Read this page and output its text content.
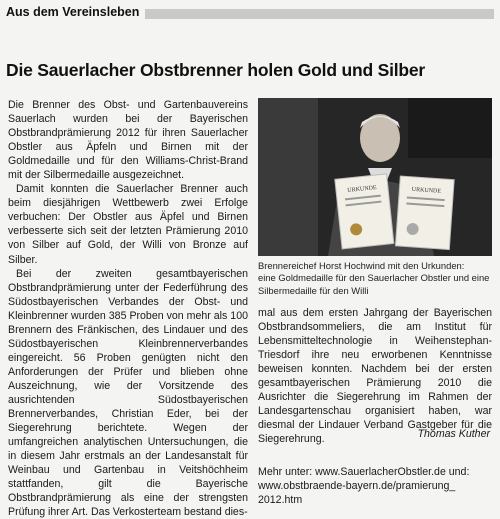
Aus dem Vereinsleben
Die Sauerlacher Obstbrenner holen Gold und Silber

Die Brenner des Obst- und Gartenbauvereins Sauerlach wurden bei der Bayerischen Obstbrandprämierung 2012 für ihren Sauerlacher Obstler aus Äpfeln und Birnen mit der Goldmedaille und für den Williams-Christ-Brand mit der Silbermedaille ausgezeichnet.

Damit konnten die Sauerlacher Brenner auch beim diesjährigen Wettbewerb zwei Erfolge verbuchen: Der Obstler aus Äpfel und Birnen verbesserte sich seit der letzten Prämierung 2010 von Silber auf Gold, der Willi von Bronze auf Silber.

Bei der zweiten gesamtbayerischen Obstbrandprämierung unter der Federführung des Südostbayerischen Verbandes der Obst- und Kleinbrenner wurden 385 Proben von mehr als 100 Brennern des Fränkischen, des Lindauer und des Südostbayerischen Kleinbrennerverbandes eingereicht. 56 Proben genügten nicht den Anforderungen der Prüfer und blieben ohne Auszeichnung, wie der Vorsitzende des ausrichtenden Südostbayerischen Brennerverbandes, Christian Eder, bei der Siegerehrung berichtete. Wegen der umfangreichen analytischen Untersuchungen, die in diesem Jahr erstmals an der Landesanstalt für Weinbau und Gartenbau in Veitshöchheim stattfanden, gilt die Bayerische Obstbrandprämierung als eine der strengsten Prüfung ihrer Art. Das Verkosterteam bestand dies-

URKUNDE	URKUNDE
Brennereichef Horst Hochwind mit den Urkunden:
eine Goldmedaille für den Sauerlacher Obstler und eine
Silbermedaille für den Willi

mal aus dem ersten Jahrgang der Bayerischen Obstbrandsommeliers, die am Institut für Lebensmitteltechnologie in Weihenstephan-Triesdorf ihre neu erworbenen Kenntnisse beweisen konnten. Nachdem bei der ersten gesamtbayerischen Prämierung 2010 die Ausrichter die Siegerehrung im Rahmen der Landesgartenschau organisiert haben, war diesmal der Lindauer Verband Gastgeber für die Siegerehrung.	Thomas Kuther
Mehr unter: www.SauerlacherObstler.de und:
www.obstbraende-bayern.de/pramierung_
2012.htm
